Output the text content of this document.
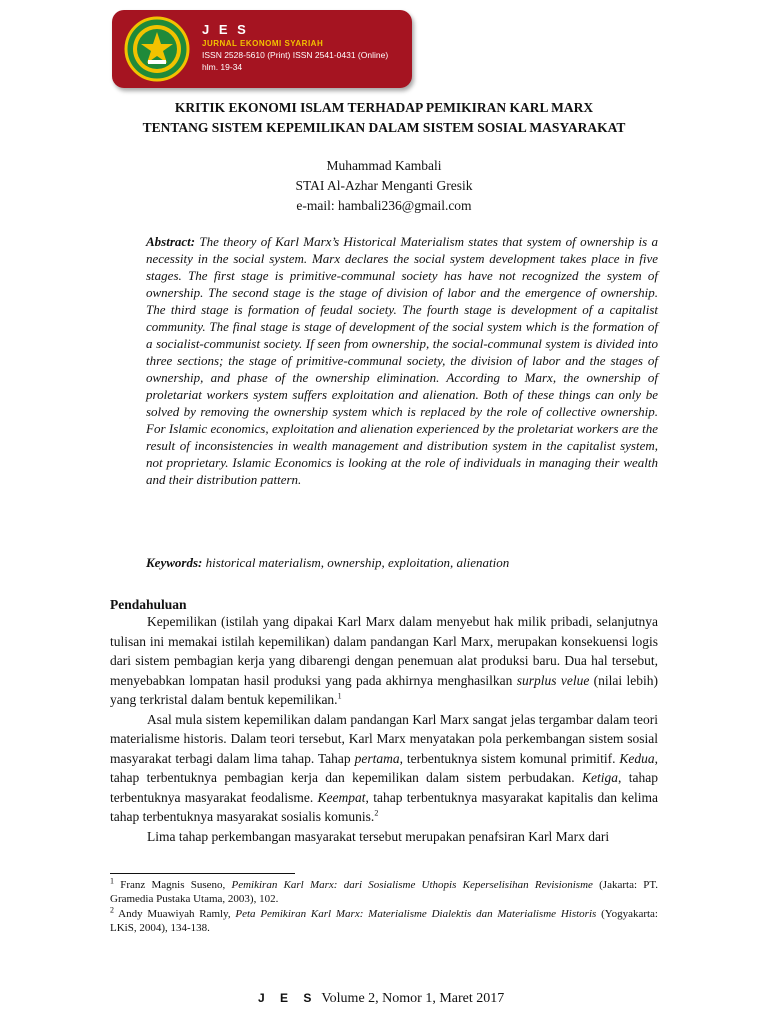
J E S
JURNAL EKONOMI SYARIAH
ISSN 2528-5610 (Print) ISSN 2541-0431 (Online)
hlm. 19-34
KRITIK EKONOMI ISLAM TERHADAP PEMIKIRAN KARL MARX
TENTANG SISTEM KEPEMILIKAN DALAM SISTEM SOSIAL MASYARAKAT
Muhammad Kambali
STAI Al-Azhar Menganti Gresik
e-mail: hambali236@gmail.com

Abstract: The theory of Karl Marx’s Historical Materialism states that system of ownership is a necessity in the social system. Marx declares the social system development takes place in five stages. The first stage is primitive-communal society has have not recognized the system of ownership. The second stage is the stage of division of labor and the emergence of ownership. The third stage is formation of feudal society. The fourth stage is development of a capitalist community. The final stage is stage of development of the social system which is the formation of a socialist-communist society. If seen from ownership, the social-communal system is divided into three sections; the stage of primitive-communal society, the division of labor and the stages of ownership, and phase of the ownership elimination. According to Marx, the ownership of proletariat workers system suffers exploitation and alienation. Both of these things can only be solved by removing the ownership system which is replaced by the role of collective ownership. For Islamic economics, exploitation and alienation experienced by the proletariat workers are the result of inconsistencies in wealth management and distribution system in the capitalist system, not proprietary. Islamic Economics is looking at the role of individuals in managing their wealth and their distribution pattern.

Keywords: historical materialism, ownership, exploitation, alienation

Pendahuluan

Kepemilikan (istilah yang dipakai Karl Marx dalam menyebut hak milik pribadi, selanjutnya tulisan ini memakai istilah kepemilikan) dalam pandangan Karl Marx, merupakan konsekuensi logis dari sistem pembagian kerja yang dibarengi dengan penemuan alat produksi baru. Dua hal tersebut, menyebabkan lompatan hasil produksi yang pada akhirnya menghasilkan surplus velue (nilai lebih) yang terkristal dalam bentuk kepemilikan.$^1$

Asal mula sistem kepemilikan dalam pandangan Karl Marx sangat jelas tergambar dalam teori materialisme historis. Dalam teori tersebut, Karl Marx menyatakan pola perkembangan sistem sosial masyarakat terbagi dalam lima tahap. Tahap pertama, terbentuknya sistem komunal primitif. Kedua, tahap terbentuknya pembagian kerja dan kepemilikan dalam sistem perbudakan. Ketiga, tahap terbentuknya masyarakat feodalisme. Keempat, tahap terbentuknya masyarakat kapitalis dan kelima tahap terbentuknya masyarakat sosialis komunis.$^2$

Lima tahap perkembangan masyarakat tersebut merupakan penafsiran Karl Marx dari

$^1$ Franz Magnis Suseno, Pemikiran Karl Marx: dari Sosialisme Uthopis Keperselisihan Revisionisme (Jakarta: PT. Gramedia Pustaka Utama, 2003), 102.

$^2$ Andy Muawiyah Ramly, Peta Pemikiran Karl Marx: Materialisme Dialektis dan Materialisme Historis (Yogyakarta: LKiS, 2004), 134-138.

J E S Volume 2, Nomor 1, Maret 2017
